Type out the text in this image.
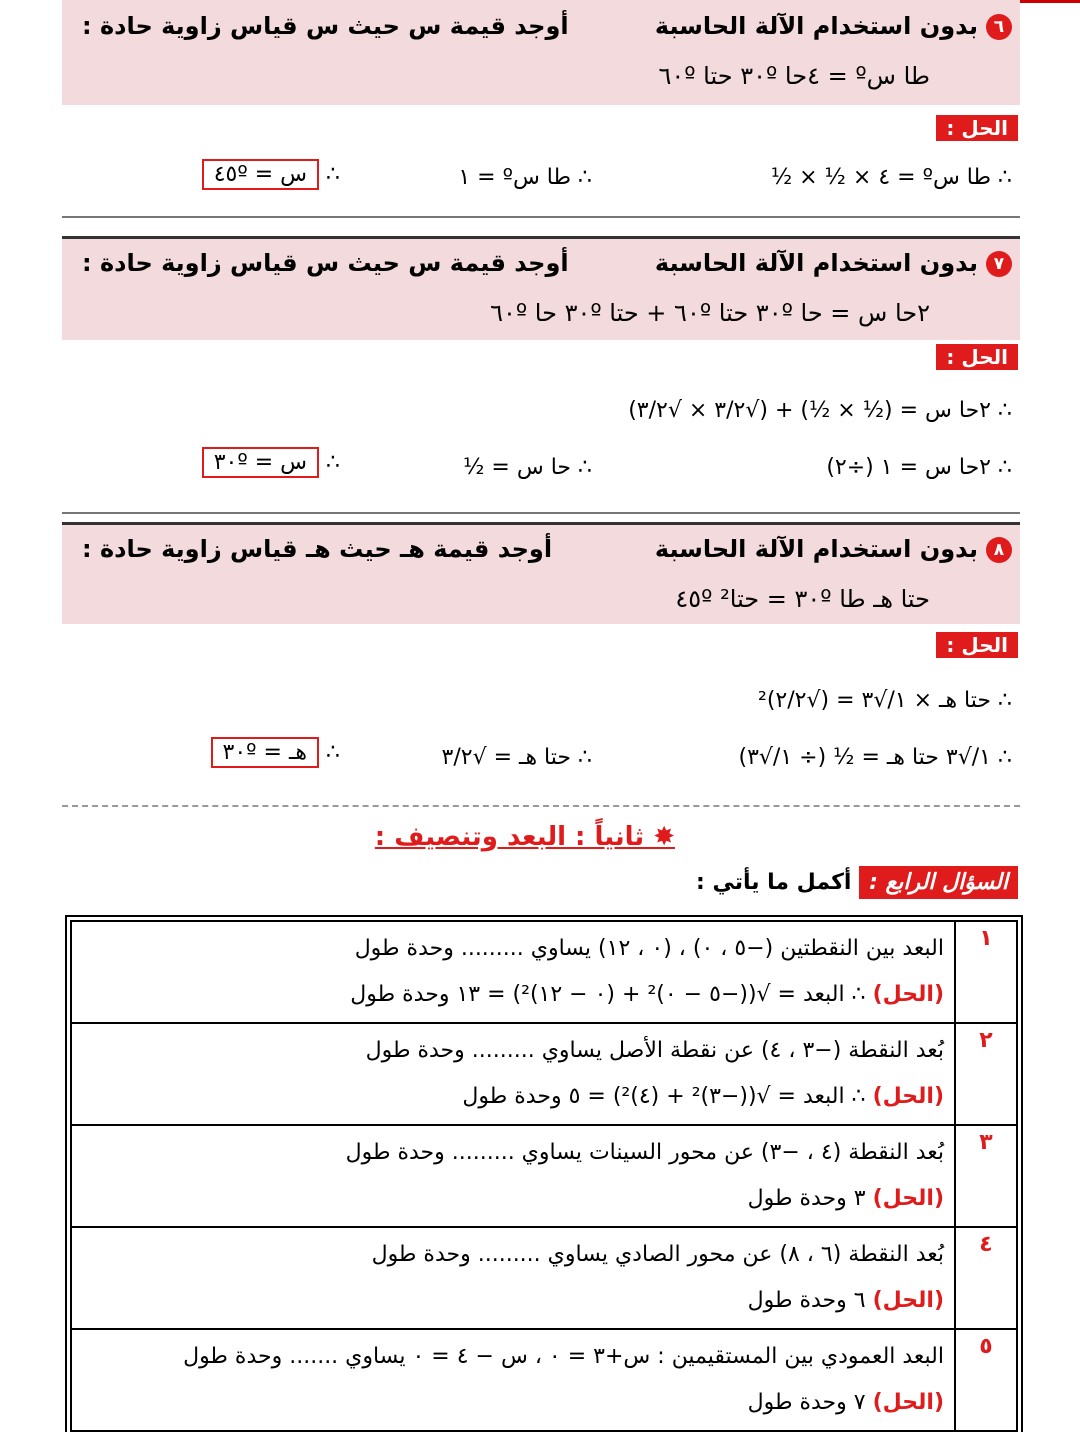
٦بدون استخدام الآلة الحاسبة
أوجد قيمة س حيث س قياس زاوية حادة :
طا سº = ٤حا ٣٠º حتا ٦٠º
الحل :
∴ طا سº = ٤ × ½ × ½
∴ طا سº = ١
∴ س = ٤٥º
٧بدون استخدام الآلة الحاسبة
أوجد قيمة س حيث س قياس زاوية حادة :
٢حا س = حا ٣٠º حتا ٦٠º + حتا ٣٠º حا ٦٠º
الحل :
∴ ٢حا س = (½ × ½) + (√٣/٢ × √٣/٢)
∴ ٢حا س = ١ (÷٢)
∴ حا س = ½
∴ س = ٣٠º
٨بدون استخدام الآلة الحاسبة
أوجد قيمة هـ حيث هـ قياس زاوية حادة :
حتا هـ طا ٣٠º = حتا² ٤٥º
الحل :
∴ حتا هـ × ١/√٣ = (√٢/٢)²
∴ ١/√٣ حتا هـ = ½ (÷ ١/√٣)
∴ حتا هـ = √٣/٢
∴ هـ = ٣٠º
✸ ثانياً : البعد وتنصيف :
السؤال الرابع : أكمل ما يأتي :
١	البعد بين النقطتين (−٥ ، ٠) ، (٠ ، ١٢) يساوي ......... وحدة طول
(الحل) ∴ البعد = √((−٥ − ٠)² + (٠ − ١٢)²) = ١٣ وحدة طول

٢	بُعد النقطة (−٣ ، ٤) عن نقطة الأصل يساوي ......... وحدة طول
(الحل) ∴ البعد = √((−٣)² + (٤)²) = ٥ وحدة طول

٣	بُعد النقطة (٤ ، −٣) عن محور السينات يساوي ......... وحدة طول
(الحل) ٣ وحدة طول

٤	بُعد النقطة (٦ ، ٨) عن محور الصادي يساوي ......... وحدة طول
(الحل) ٦ وحدة طول

٥	البعد العمودي بين المستقيمين : س+٣ = ٠ ، س − ٤ = ٠ يساوي ....... وحدة طول
(الحل) ٧ وحدة طول
